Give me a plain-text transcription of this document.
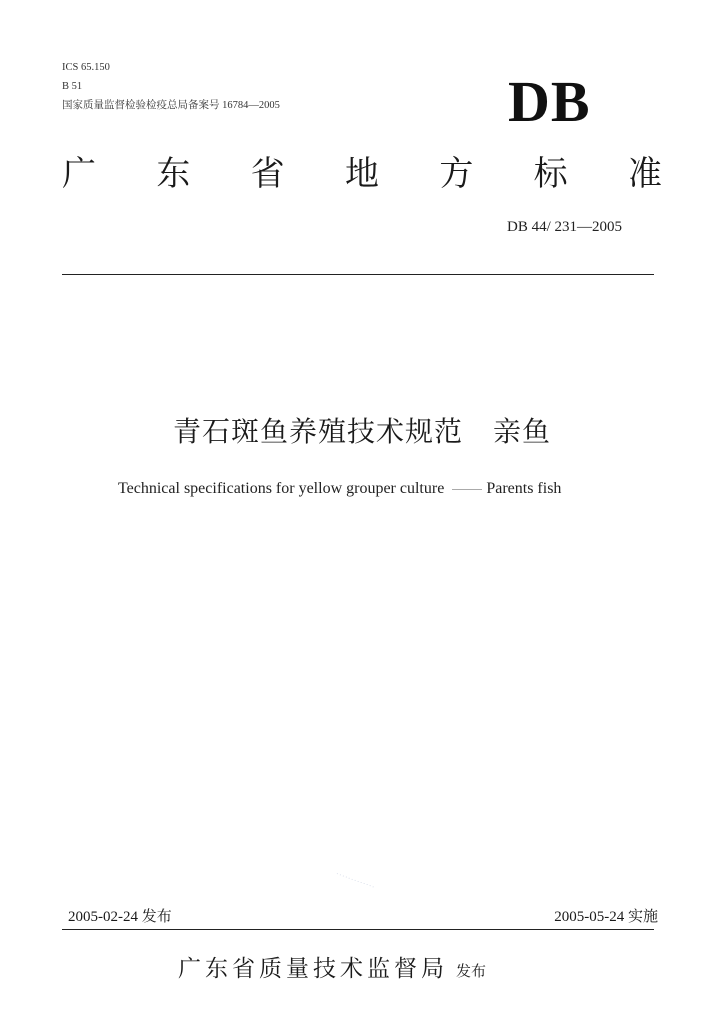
ICS 65.150
B 51
国家质量监督检验检疫总局备案号 16784—2005	DB
广 东 省 地 方 标 准
DB 44/ 231—2005
青石斑鱼养殖技术规范 亲鱼
Technical specifications for yellow grouper culture	Parents fish
· · · · · · · · · · · · ·
2005-02-24 发布	2005-05-24 实施
广东省质量技术监督局 发布
